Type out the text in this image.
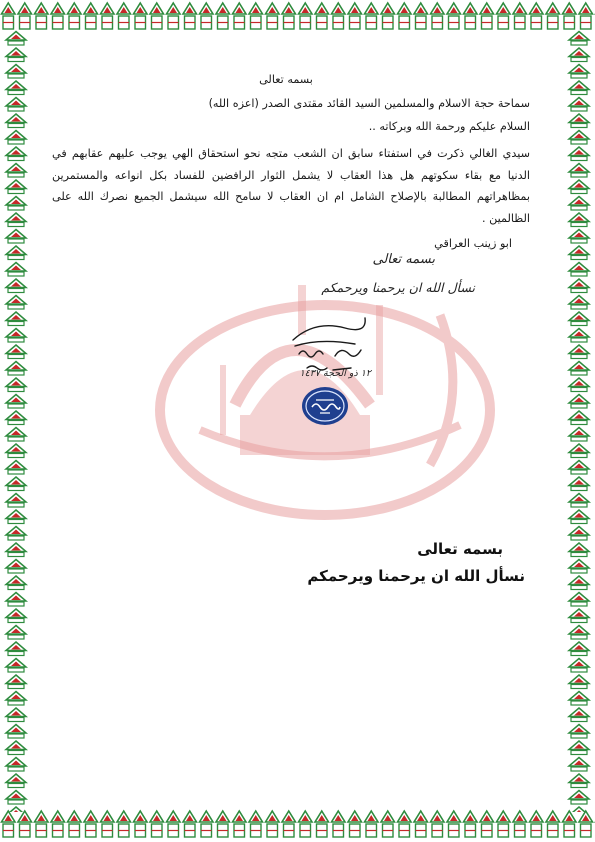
بسمه تعالى

سماحة حجة الاسلام والمسلمين السيد القائد مقتدى الصدر (اعزه الله)

السلام عليكم ورحمة الله وبركاته ..

سيدي الغالي ذكرت في استفتاء سابق ان الشعب متجه نحو استحقاق الهي يوجب عليهم عقابهم في الدنيا مع بقاء سكوتهم هل هذا العقاب لا يشمل الثوار الرافضين للفساد بكل انواعه والمستمرين بمظاهراتهم المطالبة بالإصلاح الشامل ام ان العقاب لا سامح الله سيشمل الجميع نصرك الله على الظالمين .

ابو زينب العراقي

بسمه تعالى
نسأل الله ان يرحمنا ويرحمكم
١٢ ذو الحجة ١٤٣٧

بسمه تعالى

نسأل الله ان يرحمنا ويرحمكم
